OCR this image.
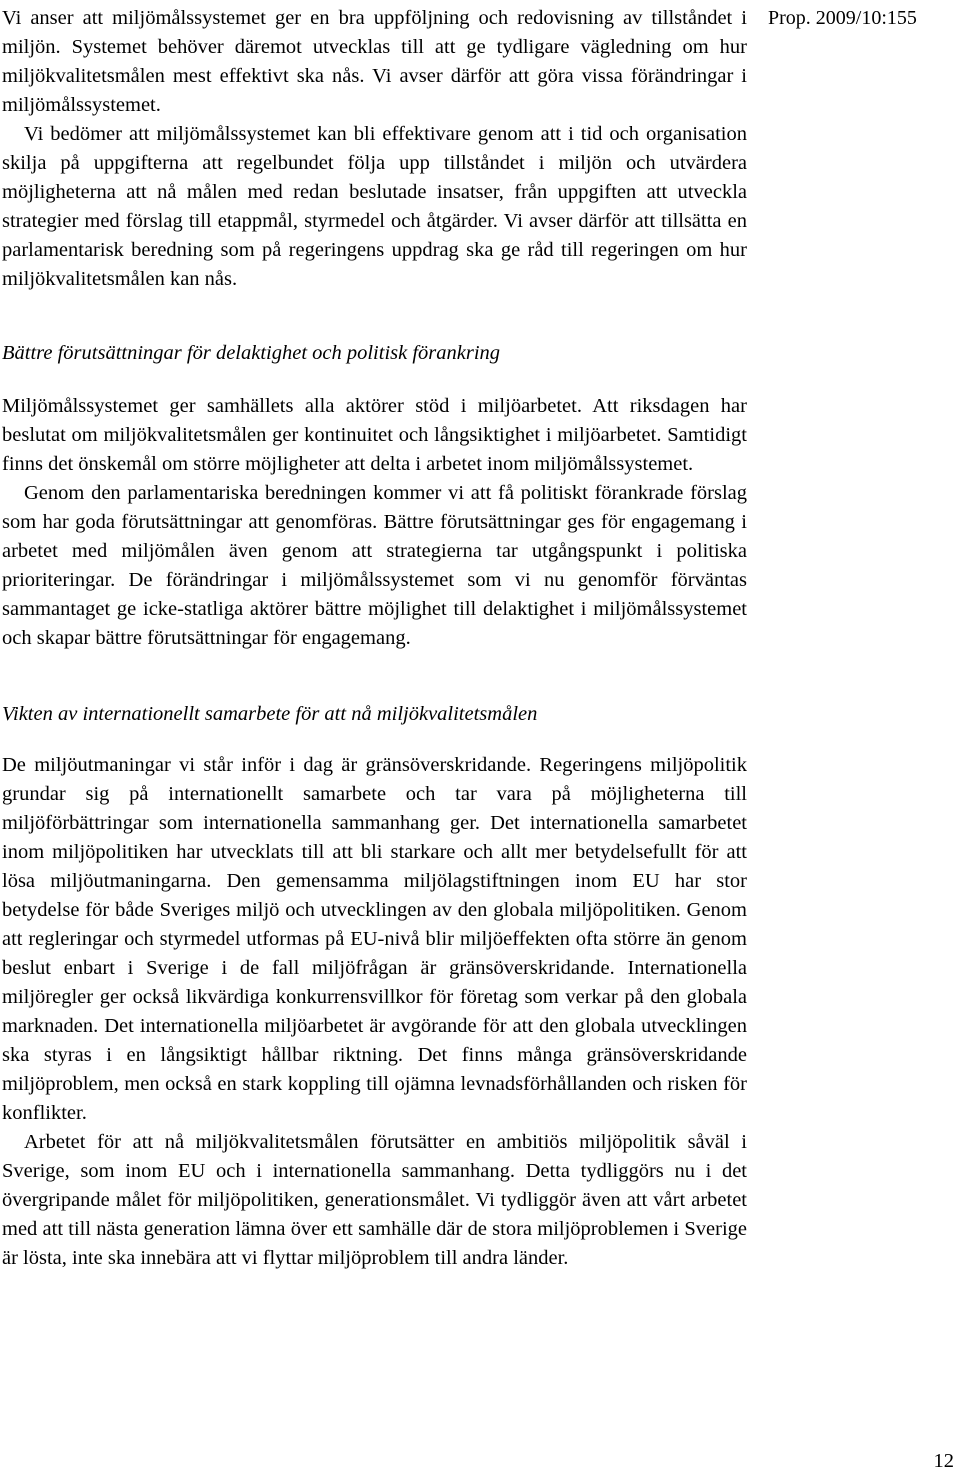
Prop. 2009/10:155

Vi anser att miljömålssystemet ger en bra uppföljning och redovisning av tillståndet i miljön. Systemet behöver däremot utvecklas till att ge tydligare vägledning om hur miljökvalitetsmålen mest effektivt ska nås. Vi avser därför att göra vissa förändringar i miljömålssystemet.

Vi bedömer att miljömålssystemet kan bli effektivare genom att i tid och organisation skilja på uppgifterna att regelbundet följa upp tillståndet i miljön och utvärdera möjligheterna att nå målen med redan beslutade insatser, från uppgiften att utveckla strategier med förslag till etappmål, styrmedel och åtgärder. Vi avser därför att tillsätta en parlamentarisk beredning som på regeringens uppdrag ska ge råd till regeringen om hur miljökvalitetsmålen kan nås.

Bättre förutsättningar för delaktighet och politisk förankring

Miljömålssystemet ger samhällets alla aktörer stöd i miljöarbetet. Att riksdagen har beslutat om miljökvalitetsmålen ger kontinuitet och långsiktighet i miljöarbetet. Samtidigt finns det önskemål om större möjligheter att delta i arbetet inom miljömålssystemet.

Genom den parlamentariska beredningen kommer vi att få politiskt förankrade förslag som har goda förutsättningar att genomföras. Bättre förutsättningar ges för engagemang i arbetet med miljömålen även genom att strategierna tar utgångspunkt i politiska prioriteringar. De förändringar i miljömålssystemet som vi nu genomför förväntas sammantaget ge icke-statliga aktörer bättre möjlighet till delaktighet i miljömålssystemet och skapar bättre förutsättningar för engagemang.

Vikten av internationellt samarbete för att nå miljökvalitetsmålen

De miljöutmaningar vi står inför i dag är gränsöverskridande. Regeringens miljöpolitik grundar sig på internationellt samarbete och tar vara på möjligheterna till miljöförbättringar som internationella sammanhang ger. Det internationella samarbetet inom miljöpolitiken har utvecklats till att bli starkare och allt mer betydelsefullt för att lösa miljöutmaningarna. Den gemensamma miljölagstiftningen inom EU har stor betydelse för både Sveriges miljö och utvecklingen av den globala miljöpolitiken. Genom att regleringar och styrmedel utformas på EU-nivå blir miljöeffekten ofta större än genom beslut enbart i Sverige i de fall miljöfrågan är gränsöverskridande. Internationella miljöregler ger också likvärdiga konkurrensvillkor för företag som verkar på den globala marknaden. Det internationella miljöarbetet är avgörande för att den globala utvecklingen ska styras i en långsiktigt hållbar riktning. Det finns många gränsöverskridande miljöproblem, men också en stark koppling till ojämna levnadsförhållanden och risken för konflikter.

Arbetet för att nå miljökvalitetsmålen förutsätter en ambitiös miljöpolitik såväl i Sverige, som inom EU och i internationella sammanhang. Detta tydliggörs nu i det övergripande målet för miljöpolitiken, generationsmålet. Vi tydliggör även att vårt arbetet med att till nästa generation lämna över ett samhälle där de stora miljöproblemen i Sverige är lösta, inte ska innebära att vi flyttar miljöproblem till andra länder.

12
